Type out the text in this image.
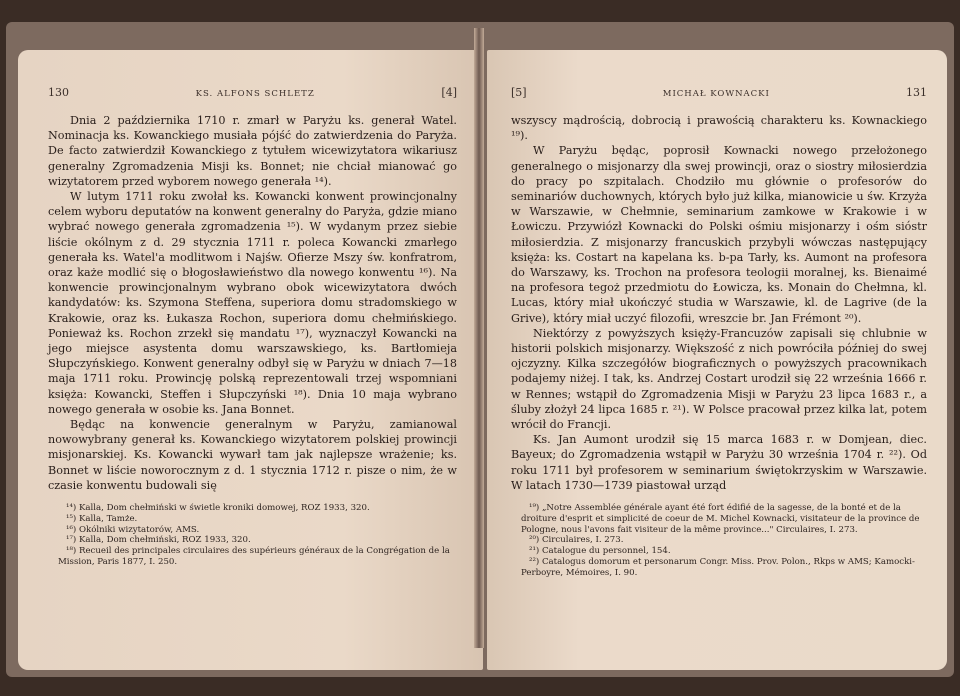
130	KS. ALFONS SCHLETZ	[4]

Dnia 2 października 1710 r. zmarł w Paryżu ks. generał Watel. Nominacja ks. Kowanckiego musiała pójść do zatwierdzenia do Paryża. De facto zatwierdził Kowanckiego z tytułem wicewizytatora wikariusz generalny Zgromadzenia Misji ks. Bonnet; nie chciał mianować go wizytatorem przed wyborem nowego generała ¹⁴).

W lutym 1711 roku zwołał ks. Kowancki konwent prowincjonalny celem wyboru deputatów na konwent generalny do Paryża, gdzie miano wybrać nowego generała zgromadzenia ¹⁵). W wydanym przez siebie liście okólnym z d. 29 stycznia 1711 r. poleca Kowancki zmarłego generała ks. Watel'a modlitwom i Najśw. Ofierze Mszy św. konfratrom, oraz każe modlić się o błogosławieństwo dla nowego konwentu ¹⁶). Na konwencie prowincjonalnym wybrano obok wicewizytatora dwóch kandydatów: ks. Szymona Steffena, superiora domu stradomskiego w Krakowie, oraz ks. Łukasza Rochon, superiora domu chełmińskiego. Ponieważ ks. Rochon zrzekł się mandatu ¹⁷), wyznaczył Kowancki na jego miejsce asystenta domu warszawskiego, ks. Bartłomieja Słupczyńskiego. Konwent generalny odbył się w Paryżu w dniach 7—18 maja 1711 roku. Prowincję polską reprezentowali trzej wspomniani księża: Kowancki, Steffen i Słupczyński ¹⁸). Dnia 10 maja wybrano nowego generała w osobie ks. Jana Bonnet.

Będąc na konwencie generalnym w Paryżu, zamianowal nowowybrany generał ks. Kowanckiego wizytatorem polskiej prowincji misjonarskiej. Ks. Kowancki wywarł tam jak najlepsze wrażenie; ks. Bonnet w liście noworocznym z d. 1 stycznia 1712 r. pisze o nim, że w czasie konwentu budowali się

¹⁴) Kalla, Dom chełmiński w świetle kroniki domowej, ROZ 1933, 320.

¹⁵) Kalla, Tamże.

¹⁶) Okólniki wizytatorów, AMS.

¹⁷) Kalla, Dom chełmiński, ROZ 1933, 320.

¹⁸) Recueil des principales circulaires des supérieurs généraux de la Congrégation de la Mission, Paris 1877, I. 250.

[5]	MICHAŁ KOWNACKI	131

wszyscy mądrością, dobrocią i prawością charakteru ks. Kownackiego ¹⁹).

W Paryżu będąc, poprosił Kownacki nowego przełożonego generalnego o misjonarzy dla swej prowincji, oraz o siostry miłosierdzia do pracy po szpitalach. Chodziło mu głównie o profesorów do seminariów duchownych, których było już kilka, mianowicie u św. Krzyża w Warszawie, w Chełmnie, seminarium zamkowe w Krakowie i w Łowiczu. Przywiózł Kownacki do Polski ośmiu misjonarzy i ośm sióstr miłosierdzia. Z misjonarzy francuskich przybyli wówczas następujący księża: ks. Costart na kapelana ks. b-pa Tarły, ks. Aumont na profesora do Warszawy, ks. Trochon na profesora teologii moralnej, ks. Bienaimé na profesora tegoż przedmiotu do Łowicza, ks. Monain do Chełmna, kl. Lucas, który miał ukończyć studia w Warszawie, kl. de Lagrive (de la Grive), który miał uczyć filozofii, wreszcie br. Jan Frémont ²⁰).

Niektórzy z powyższych księży-Francuzów zapisali się chlubnie w historii polskich misjonarzy. Większość z nich powróciła później do swej ojczyzny. Kilka szczegółów biograficznych o powyższych pracownikach podajemy niżej. I tak, ks. Andrzej Costart urodził się 22 września 1666 r. w Rennes; wstąpił do Zgromadzenia Misji w Paryżu 23 lipca 1683 r., a śluby złożył 24 lipca 1685 r. ²¹). W Polsce pracował przez kilka lat, potem wrócił do Francji.

Ks. Jan Aumont urodził się 15 marca 1683 r. w Domjean, diec. Bayeux; do Zgromadzenia wstąpił w Paryżu 30 września 1704 r. ²²). Od roku 1711 był profesorem w seminarium świętokrzyskim w Warszawie. W latach 1730—1739 piastował urząd

¹⁹) „Notre Assemblée générale ayant été fort édifié de la sagesse, de la bonté et de la droiture d'esprit et simplicité de coeur de M. Michel Kownacki, visitateur de la province de Pologne, nous l'avons fait visiteur de la même province..." Circulaires, I. 273.

²⁰) Circulaires, I. 273.

²¹) Catalogue du personnel, 154.

²²) Catalogus domorum et personarum Congr. Miss. Prov. Polon., Rkps w AMS; Kamocki-Perboyre, Mémoires, I. 90.
